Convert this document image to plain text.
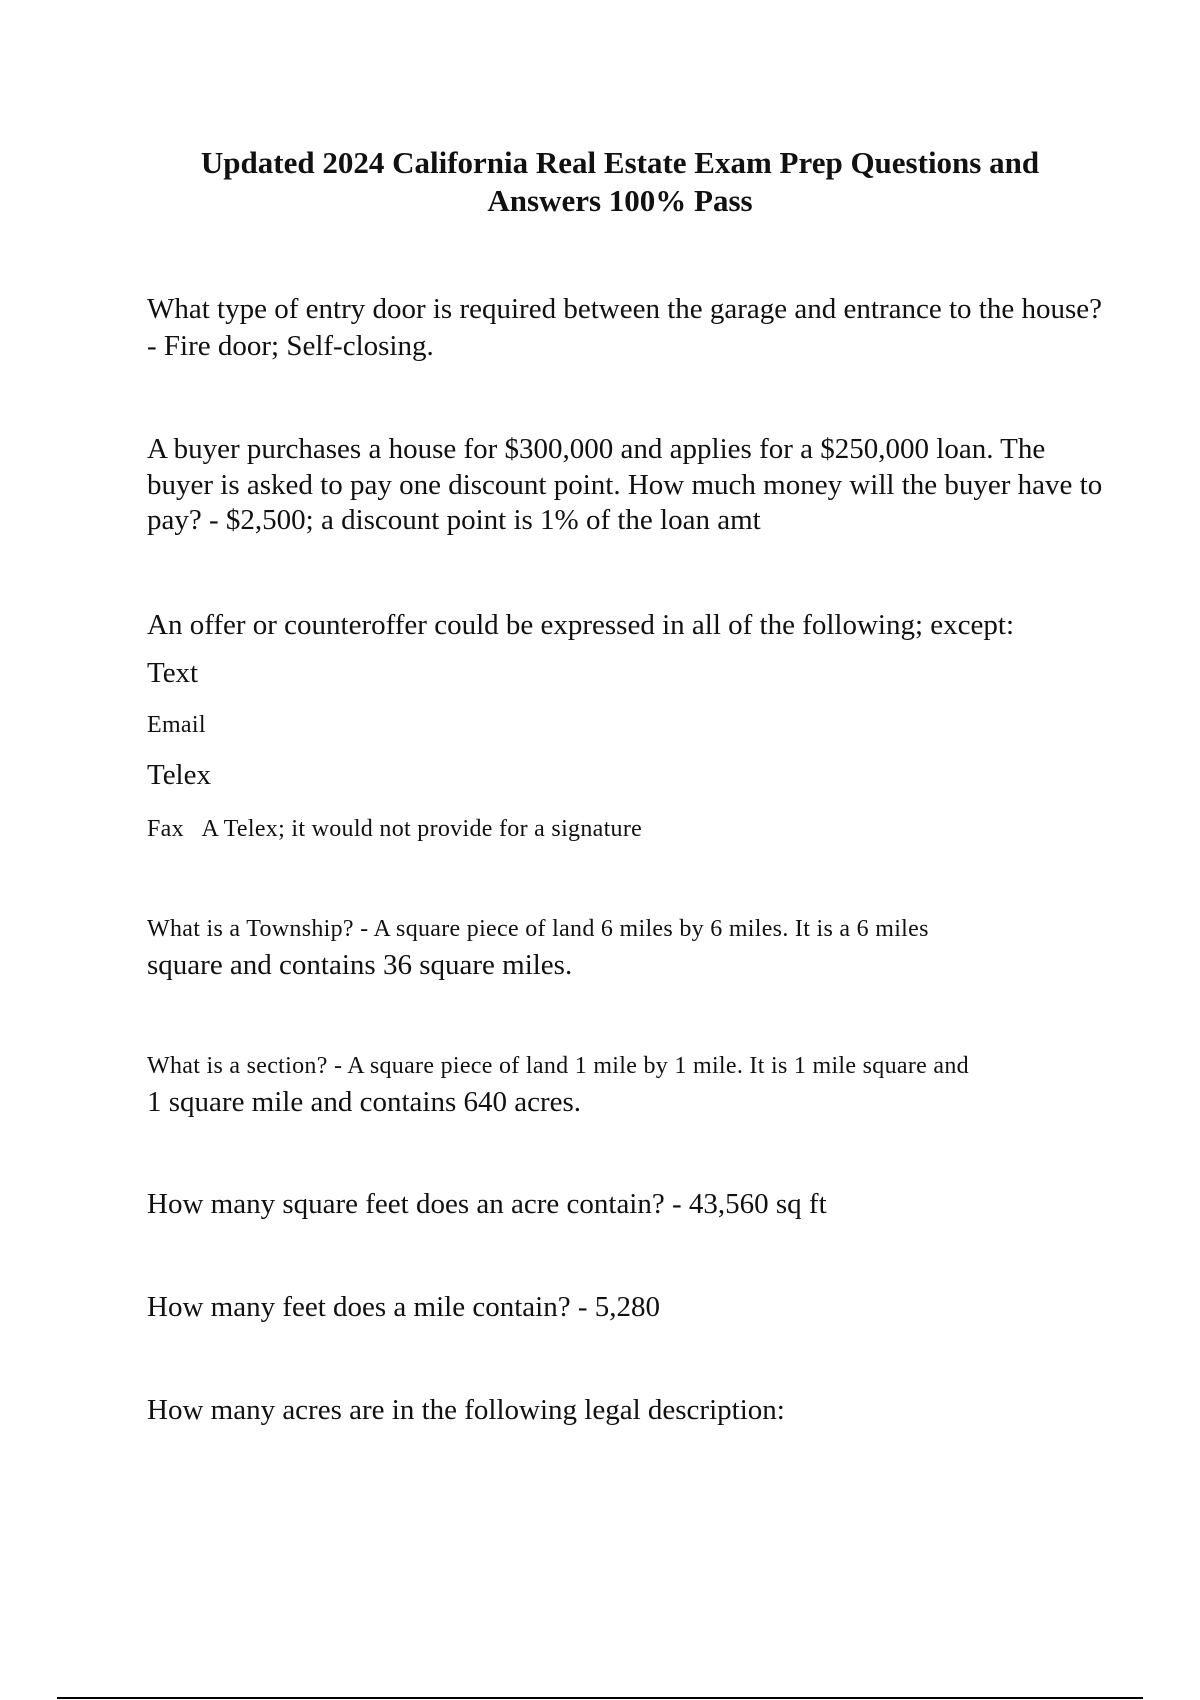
Updated 2024 California Real Estate Exam Prep Questions and
Answers 100% Pass

What type of entry door is required between the garage and entrance to the house?

- Fire door; Self-closing.

A buyer purchases a house for $300,000 and applies for a $250,000 loan. The

buyer is asked to pay one discount point. How much money will the buyer have to

pay? - $2,500; a discount point is 1% of the loan amt

An offer or counteroffer could be expressed in all of the following; except:

Text

Email

Telex

Fax   A Telex; it would not provide for a signature

What is a Township? - A square piece of land 6 miles by 6 miles. It is a 6 miles

square and contains 36 square miles.

What is a section? - A square piece of land 1 mile by 1 mile. It is 1 mile square and

1 square mile and contains 640 acres.

How many square feet does an acre contain? - 43,560 sq ft

How many feet does a mile contain? - 5,280

How many acres are in the following legal description:
